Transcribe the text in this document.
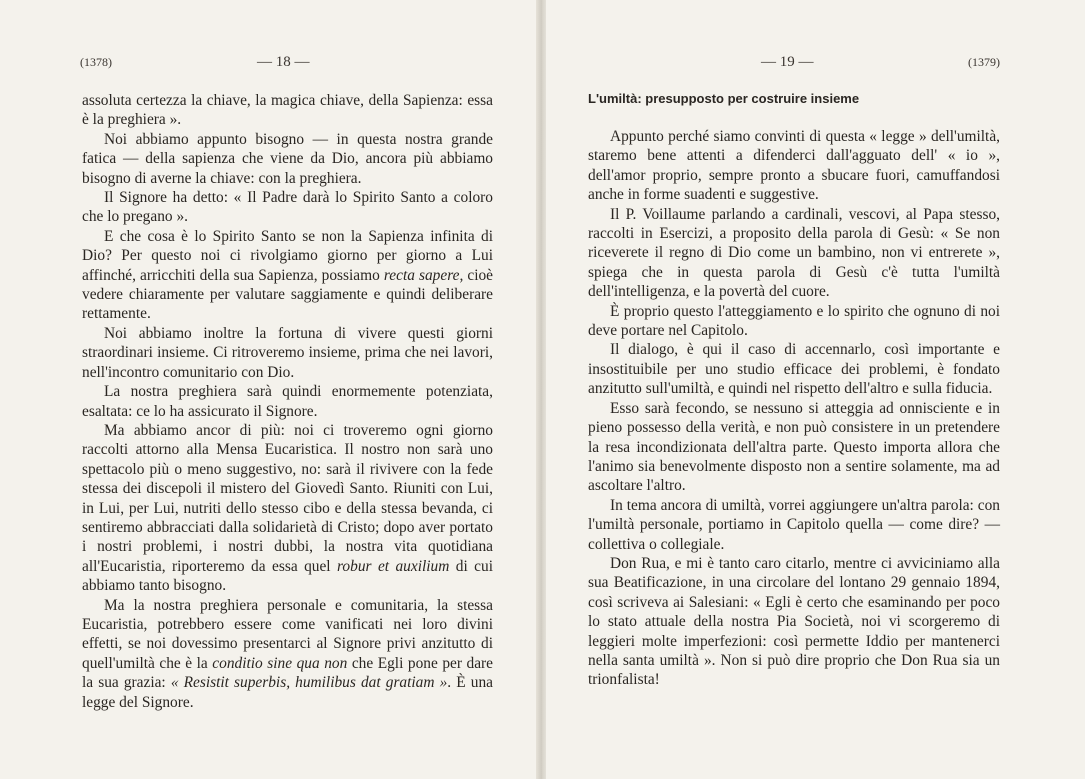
(1378)	— 18 —

assoluta certezza la chiave, la magica chiave, della Sapienza: essa è la preghiera ».

Noi abbiamo appunto bisogno — in questa nostra grande fatica — della sapienza che viene da Dio, ancora più abbiamo bisogno di averne la chiave: con la preghiera.

Il Signore ha detto: « Il Padre darà lo Spirito Santo a coloro che lo pregano ».

E che cosa è lo Spirito Santo se non la Sapienza infinita di Dio? Per questo noi ci rivolgiamo giorno per giorno a Lui affinché, arricchiti della sua Sapienza, possiamo recta sapere, cioè vedere chiaramente per valutare saggiamente e quindi deliberare rettamente.

Noi abbiamo inoltre la fortuna di vivere questi giorni straordinari insieme. Ci ritroveremo insieme, prima che nei lavori, nell'incontro comunitario con Dio.

La nostra preghiera sarà quindi enormemente potenziata, esaltata: ce lo ha assicurato il Signore.

Ma abbiamo ancor di più: noi ci troveremo ogni giorno raccolti attorno alla Mensa Eucaristica. Il nostro non sarà uno spettacolo più o meno suggestivo, no: sarà il rivivere con la fede stessa dei discepoli il mistero del Giovedì Santo. Riuniti con Lui, in Lui, per Lui, nutriti dello stesso cibo e della stessa bevanda, ci sentiremo abbracciati dalla solidarietà di Cristo; dopo aver portato i nostri problemi, i nostri dubbi, la nostra vita quotidiana all'Eucaristia, riporteremo da essa quel robur et auxilium di cui abbiamo tanto bisogno.

Ma la nostra preghiera personale e comunitaria, la stessa Eucaristia, potrebbero essere come vanificati nei loro divini effetti, se noi dovessimo presentarci al Signore privi anzitutto di quell'umiltà che è la conditio sine qua non che Egli pone per dare la sua grazia: « Resistit superbis, humilibus dat gratiam ». È una legge del Signore.

— 19 —	(1379)
L'umiltà: presupposto per costruire insieme

Appunto perché siamo convinti di questa « legge » dell'umiltà, staremo bene attenti a difenderci dall'agguato dell' « io », dell'amor proprio, sempre pronto a sbucare fuori, camuffandosi anche in forme suadenti e suggestive.

Il P. Voillaume parlando a cardinali, vescovi, al Papa stesso, raccolti in Esercizi, a proposito della parola di Gesù: « Se non riceverete il regno di Dio come un bambino, non vi entrerete », spiega che in questa parola di Gesù c'è tutta l'umiltà dell'intelligenza, e la povertà del cuore.

È proprio questo l'atteggiamento e lo spirito che ognuno di noi deve portare nel Capitolo.

Il dialogo, è qui il caso di accennarlo, così importante e insostituibile per uno studio efficace dei problemi, è fondato anzitutto sull'umiltà, e quindi nel rispetto dell'altro e sulla fiducia.

Esso sarà fecondo, se nessuno si atteggia ad onnisciente e in pieno possesso della verità, e non può consistere in un pretendere la resa incondizionata dell'altra parte. Questo importa allora che l'animo sia benevolmente disposto non a sentire solamente, ma ad ascoltare l'altro.

In tema ancora di umiltà, vorrei aggiungere un'altra parola: con l'umiltà personale, portiamo in Capitolo quella — come dire? — collettiva o collegiale.

Don Rua, e mi è tanto caro citarlo, mentre ci avviciniamo alla sua Beatificazione, in una circolare del lontano 29 gennaio 1894, così scriveva ai Salesiani: « Egli è certo che esaminando per poco lo stato attuale della nostra Pia Società, noi vi scorgeremo di leggieri molte imperfezioni: così permette Iddio per mantenerci nella santa umiltà ». Non si può dire proprio che Don Rua sia un trionfalista!
